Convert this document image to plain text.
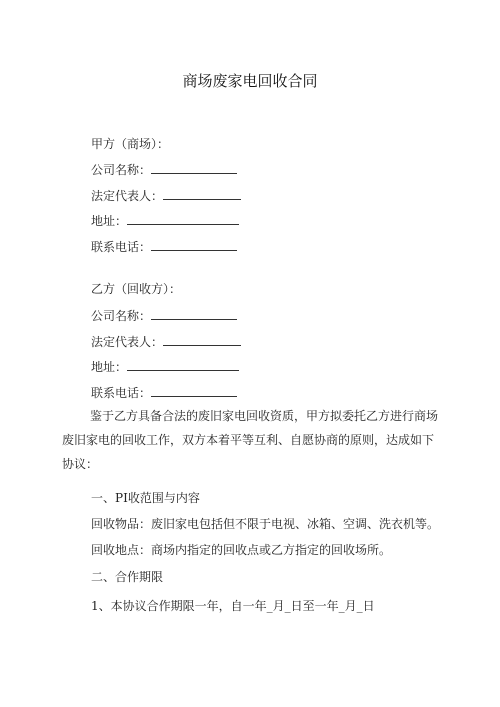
商场废家电回收合同
甲方（商场）：
公司名称：
法定代表人：
地址：
联系电话：
乙方（回收方）：
公司名称：
法定代表人：
地址：
联系电话：
鉴于乙方具备合法的废旧家电回收资质，甲方拟委托乙方进行商场废旧家电的回收工作，双方本着平等互利、自愿协商的原则，达成如下协议：
一、PI收范围与内容
回收物品：废旧家电包括但不限于电视、冰箱、空调、洗衣机等。
回收地点：商场内指定的回收点或乙方指定的回收场所。
二、合作期限
1、本协议合作期限一年，自一年_月_日至一年_月_日
